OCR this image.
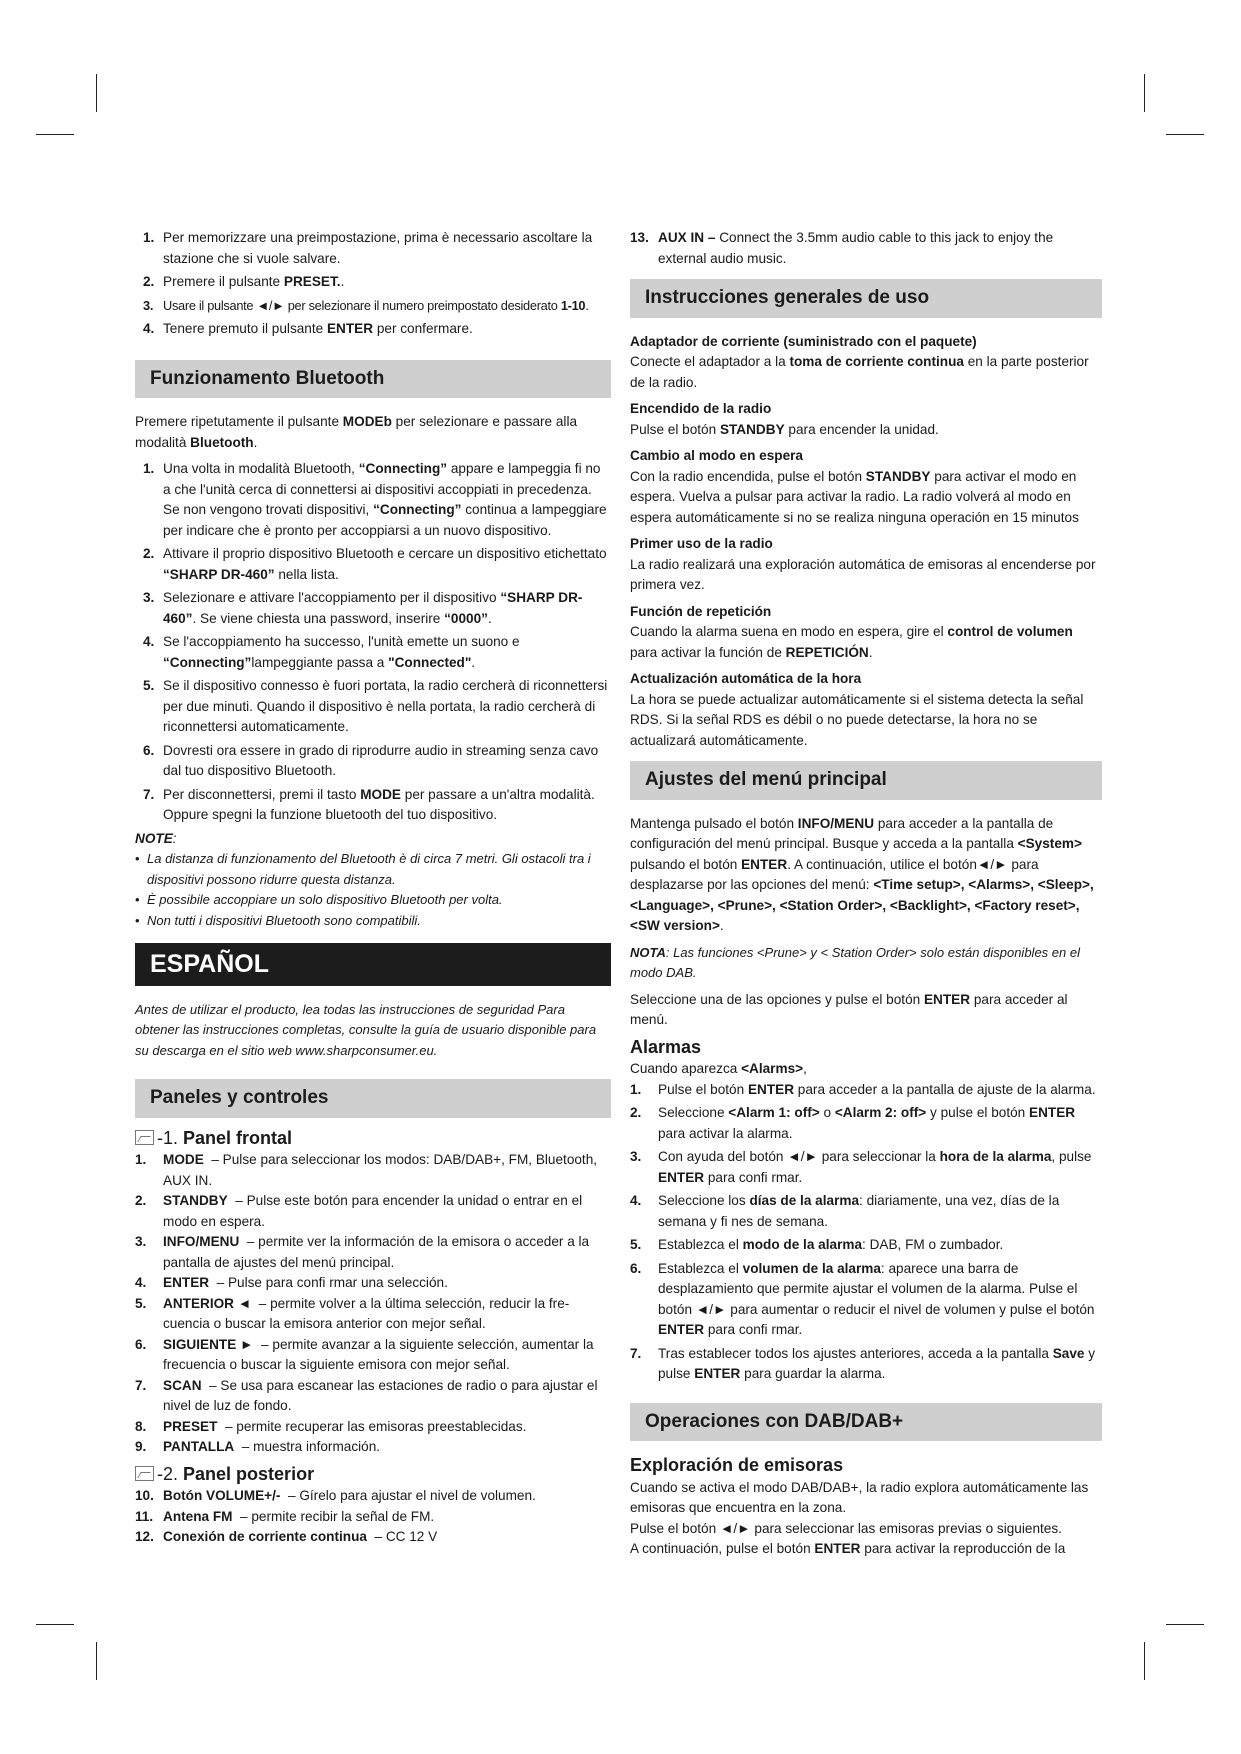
1. Per memorizzare una preimpostazione, prima è necessario ascoltare la stazione che si vuole salvare.
2. Premere il pulsante PRESET..
3. Usare il pulsante ◄/► per selezionare il numero preimpostato desiderato 1-10.
4. Tenere premuto il pulsante ENTER per confermare.
Funzionamento Bluetooth

Premere ripetutamente il pulsante MODEb per selezionare e passare alla modalità Bluetooth.

1. Una volta in modalità Bluetooth, “Connecting” appare e lampeggia fi no a che l'unità cerca di connettersi ai dispositivi accoppiati in precedenza. Se non vengono trovati dispositivi, “Connecting” continua a lampeggiare per indicare che è pronto per accoppiarsi a un nuovo dispositivo.
2. Attivare il proprio dispositivo Bluetooth e cercare un dispositivo etichettato “SHARP DR-460” nella lista.
3. Selezionare e attivare l'accoppiamento per il dispositivo “SHARP DR-460”. Se viene chiesta una password, inserire “0000”.
4. Se l'accoppiamento ha successo, l'unità emette un suono e “Connecting”lampeggiante passa a "Connected".
5. Se il dispositivo connesso è fuori portata, la radio cercherà di riconnettersi per due minuti. Quando il dispositivo è nella portata, la radio cercherà di riconnettersi automaticamente.
6. Dovresti ora essere in grado di riprodurre audio in streaming senza cavo dal tuo dispositivo Bluetooth.
7. Per disconnettersi, premi il tasto MODE per passare a un'altra modalità. Oppure spegni la funzione bluetooth del tuo dispositivo.

NOTE:

• La distanza di funzionamento del Bluetooth è di circa 7 metri. Gli ostacoli tra i dispositivi possono ridurre questa distanza.
• È possibile accoppiare un solo dispositivo Bluetooth per volta.
• Non tutti i dispositivi Bluetooth sono compatibili.
ESPAÑOL

Antes de utilizar el producto, lea todas las instrucciones de seguridad Para obtener las instrucciones completas, consulte la guía de usuario disponible para su descarga en el sitio web www.sharpconsumer.eu.

Paneles y controles
-1.
Panel frontal
1. MODE  – Pulse para seleccionar los modos: DAB/DAB+, FM, Bluetooth, AUX IN.
2. STANDBY  – Pulse este botón para encender la unidad o entrar en el modo en espera.
3. INFO/MENU  – permite ver la información de la emisora o acceder a la pantalla de ajustes del menú principal.
4. ENTER  – Pulse para confi rmar una selección.
5. ANTERIOR ◄  – permite volver a la última selección, reducir la fre-cuencia o buscar la emisora anterior con mejor señal.
6. SIGUIENTE ►  – permite avanzar a la siguiente selección, aumentar la frecuencia o buscar la siguiente emisora con mejor señal.
7. SCAN  – Se usa para escanear las estaciones de radio o para ajustar el nivel de luz de fondo.
8. PRESET  – permite recuperar las emisoras preestablecidas.
9. PANTALLA  – muestra información.
-2.
Panel posterior
10. Botón VOLUME+/-  – Gírelo para ajustar el nivel de volumen.
11. Antena FM  – permite recibir la señal de FM.
12. Conexión de corriente continua  – CC 12 V
13. AUX IN – Connect the 3.5mm audio cable to this jack to enjoy the external audio music.
Instrucciones generales de uso

Adaptador de corriente (suministrado con el paquete)

Conecte el adaptador a la toma de corriente continua en la parte posterior de la radio.

Encendido de la radio

Pulse el botón STANDBY para encender la unidad.

Cambio al modo en espera

Con la radio encendida, pulse el botón STANDBY para activar el modo en espera. Vuelva a pulsar para activar la radio. La radio volverá al modo en espera automáticamente si no se realiza ninguna operación en 15 minutos

Primer uso de la radio

La radio realizará una exploración automática de emisoras al encenderse por primera vez.

Función de repetición

Cuando la alarma suena en modo en espera, gire el control de volumen para activar la función de REPETICIÓN.

Actualización automática de la hora

La hora se puede actualizar automáticamente si el sistema detecta la señal RDS. Si la señal RDS es débil o no puede detectarse, la hora no se actualizará automáticamente.

Ajustes del menú principal

Mantenga pulsado el botón INFO/MENU para acceder a la pantalla de configuración del menú principal. Busque y acceda a la pantalla <System> pulsando el botón ENTER. A continuación, utilice el botón◄/► para desplazarse por las opciones del menú: <Time setup>, <Alarms>, <Sleep>, <Language>, <Prune>, <Station Order>, <Backlight>, <Factory reset>, <SW version>.

NOTA: Las funciones <Prune> y < Station Order> solo están disponibles en el modo DAB.

Seleccione una de las opciones y pulse el botón ENTER para acceder al menú.

Alarmas

Cuando aparezca <Alarms>,

1. Pulse el botón ENTER para acceder a la pantalla de ajuste de la alarma.
2. Seleccione <Alarm 1: off> o <Alarm 2: off> y pulse el botón ENTER para activar la alarma.
3. Con ayuda del botón ◄/► para seleccionar la hora de la alarma, pulse ENTER para confi rmar.
4. Seleccione los días de la alarma: diariamente, una vez, días de la semana y fi nes de semana.
5. Establezca el modo de la alarma: DAB, FM o zumbador.
6. Establezca el volumen de la alarma: aparece una barra de desplazamiento que permite ajustar el volumen de la alarma. Pulse el botón ◄/► para aumentar o reducir el nivel de volumen y pulse el botón ENTER para confi rmar.
7. Tras establecer todos los ajustes anteriores, acceda a la pantalla Save y pulse ENTER para guardar la alarma.
Operaciones con DAB/DAB+
Exploración de emisoras

Cuando se activa el modo DAB/DAB+, la radio explora automáticamente las emisoras que encuentra en la zona.
Pulse el botón ◄/► para seleccionar las emisoras previas o siguientes.
A continuación, pulse el botón ENTER para activar la reproducción de la
